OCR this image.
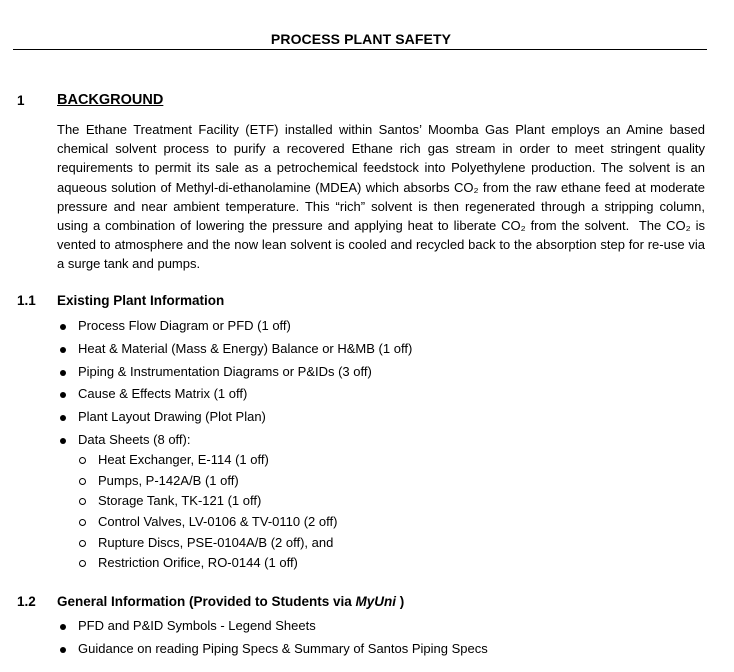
PROCESS PLANT SAFETY
1 BACKGROUND
The Ethane Treatment Facility (ETF) installed within Santos’ Moomba Gas Plant employs an Amine based chemical solvent process to purify a recovered Ethane rich gas stream in order to meet stringent quality requirements to permit its sale as a petrochemical feedstock into Polyethylene production. The solvent is an aqueous solution of Methyl-di-ethanolamine (MDEA) which absorbs CO₂ from the raw ethane feed at moderate pressure and near ambient temperature. This “rich” solvent is then regenerated through a stripping column, using a combination of lowering the pressure and applying heat to liberate CO₂ from the solvent.  The CO₂ is vented to atmosphere and the now lean solvent is cooled and recycled back to the absorption step for re-use via a surge tank and pumps.
1.1 Existing Plant Information
Process Flow Diagram or PFD (1 off)
Heat & Material (Mass & Energy) Balance or H&MB (1 off)
Piping & Instrumentation Diagrams or P&IDs (3 off)
Cause & Effects Matrix (1 off)
Plant Layout Drawing (Plot Plan)
Data Sheets (8 off):
Heat Exchanger, E-114 (1 off)
Pumps, P-142A/B (1 off)
Storage Tank, TK-121 (1 off)
Control Valves, LV-0106 & TV-0110 (2 off)
Rupture Discs, PSE-0104A/B (2 off), and
Restriction Orifice, RO-0144 (1 off)
1.2 General Information (Provided to Students via MyUni )
PFD and P&ID Symbols - Legend Sheets
Guidance on reading Piping Specs & Summary of Santos Piping Specs
